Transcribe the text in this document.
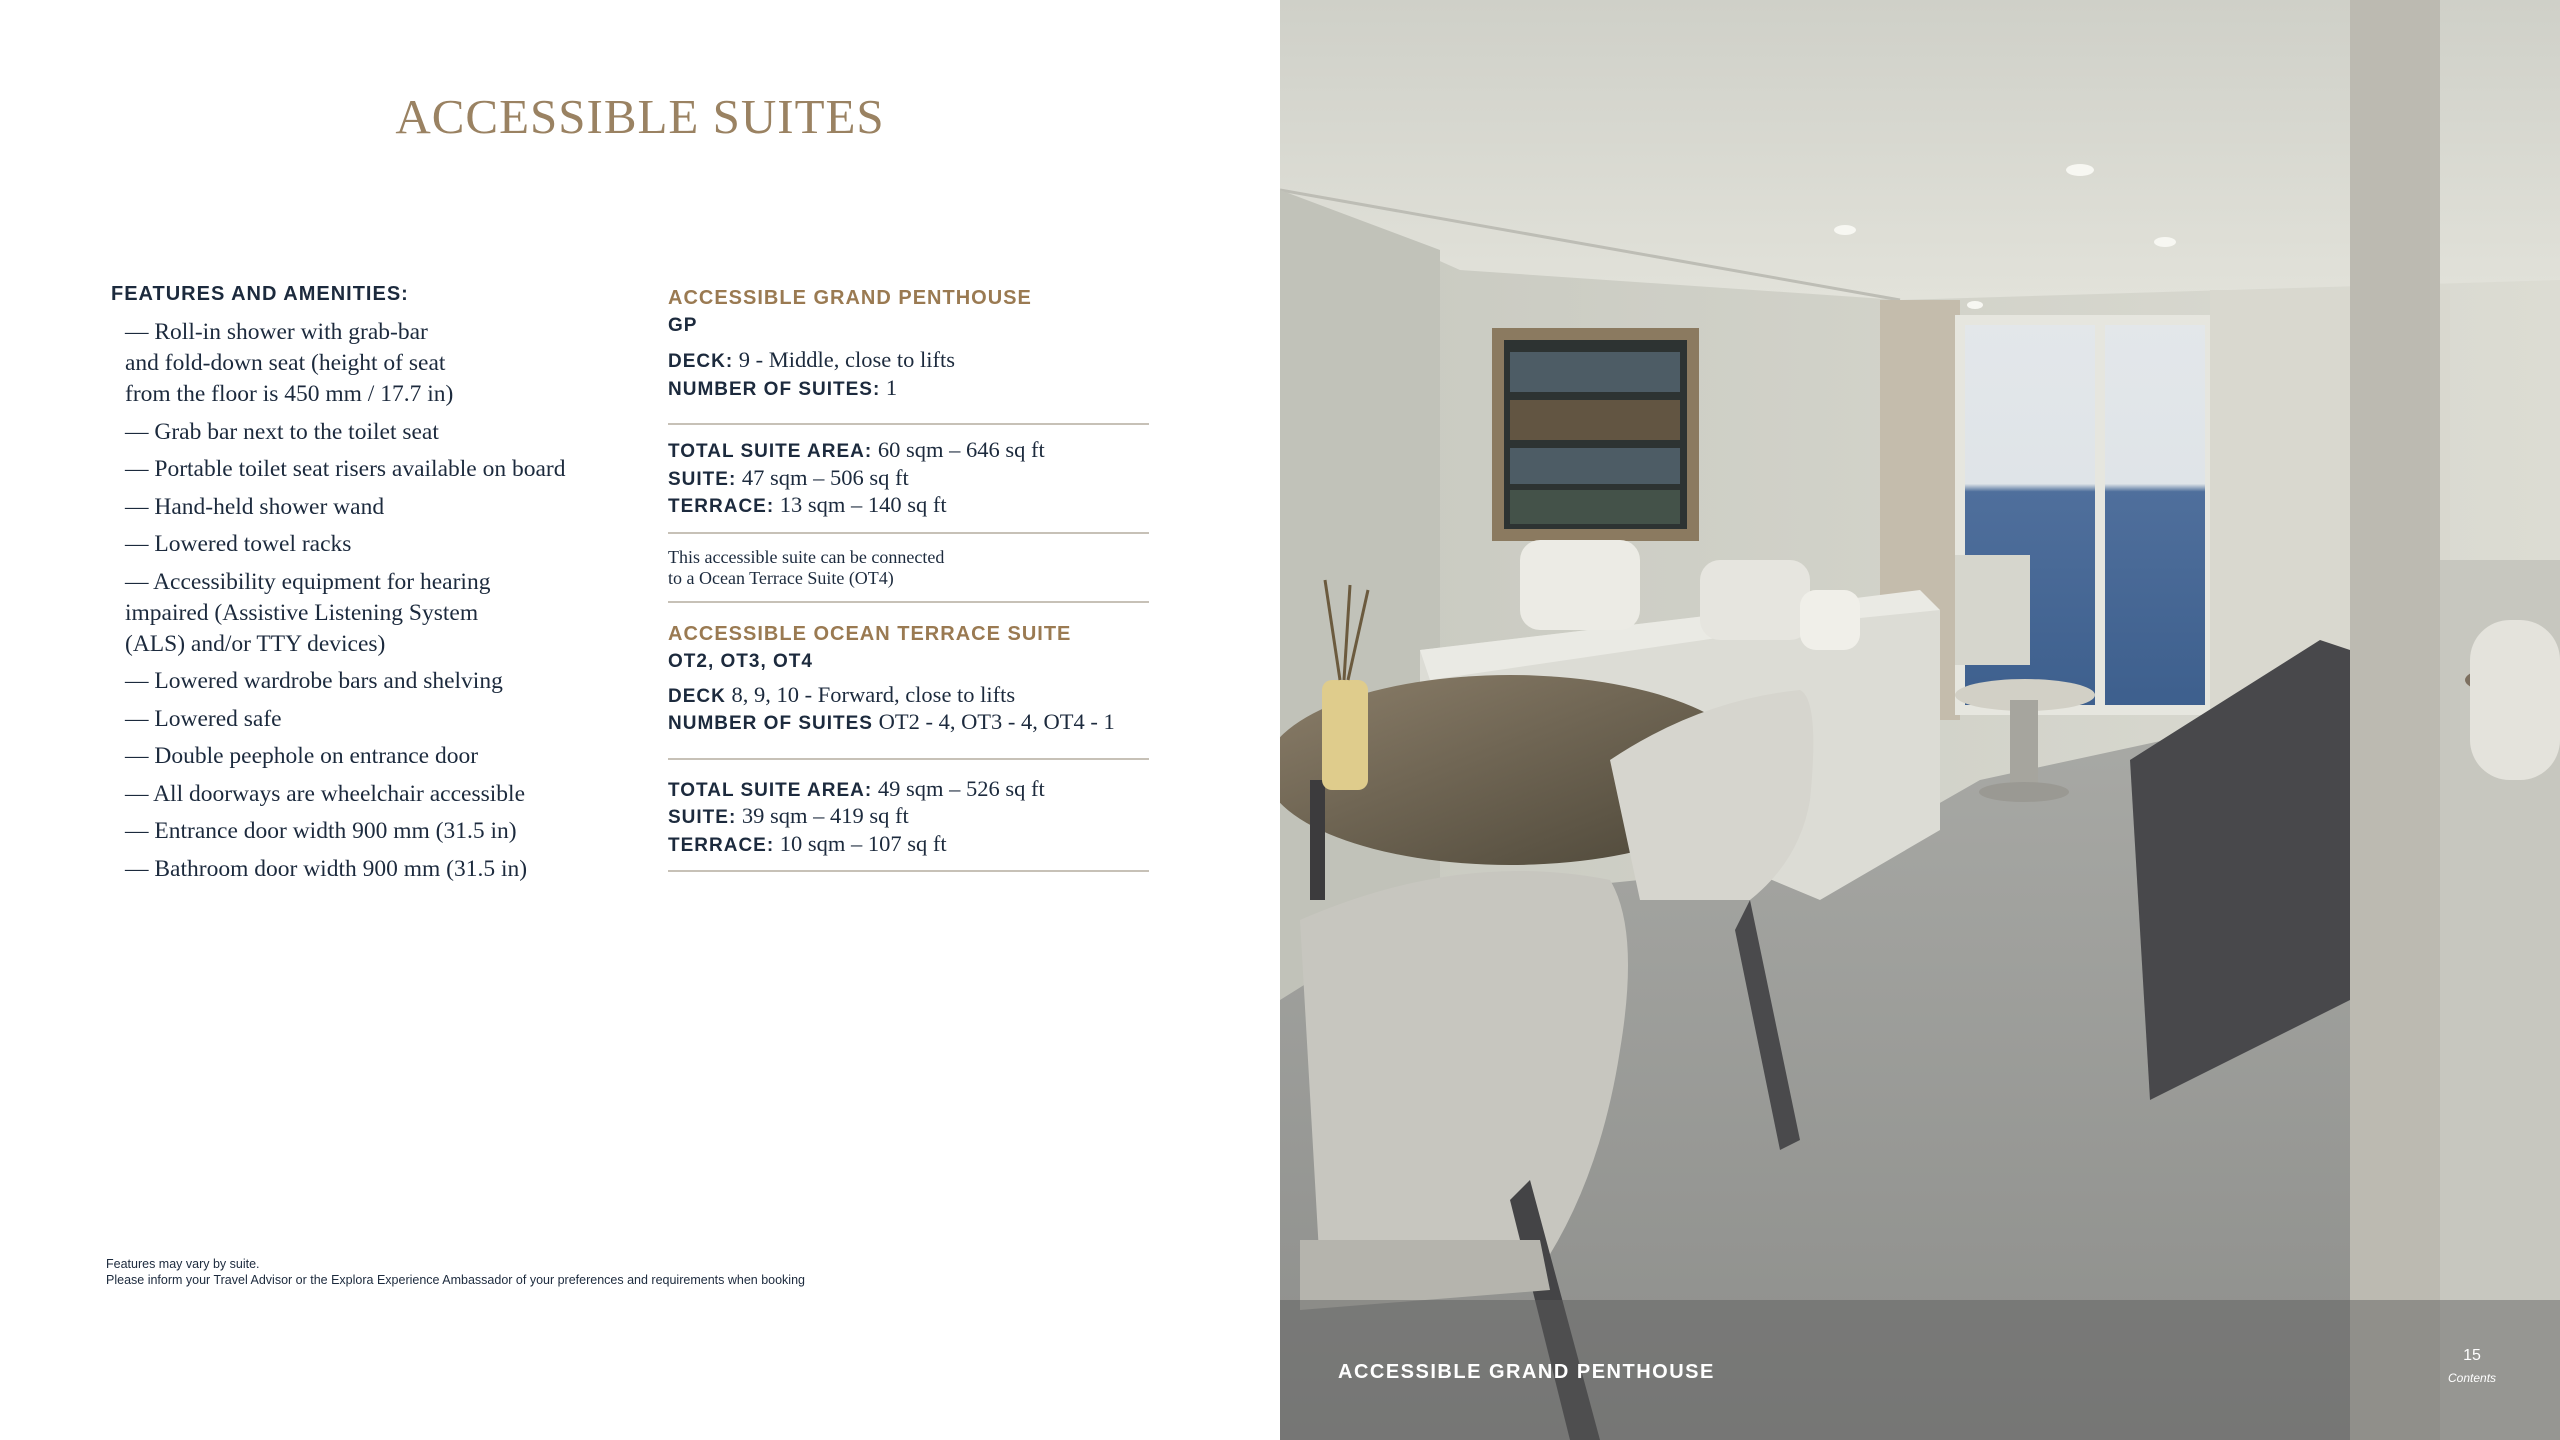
ACCESSIBLE SUITES
FEATURES AND AMENITIES:
— Roll-in shower with grab-bar
and fold-down seat (height of seat
from the floor is 450 mm / 17.7 in)
— Grab bar next to the toilet seat
— Portable toilet seat risers available on board
— Hand-held shower wand
— Lowered towel racks
— Accessibility equipment for hearing
impaired (Assistive Listening System
(ALS) and/or TTY devices)
— Lowered wardrobe bars and shelving
— Lowered safe
— Double peephole on entrance door
— All doorways are wheelchair accessible
— Entrance door width 900 mm (31.5 in)
— Bathroom door width 900 mm (31.5 in)
ACCESSIBLE GRAND PENTHOUSE
GP
DECK: 9 - Middle, close to lifts
NUMBER OF SUITES: 1
TOTAL SUITE AREA: 60 sqm – 646 sq ft
SUITE: 47 sqm – 506 sq ft
TERRACE: 13 sqm – 140 sq ft
This accessible suite can be connected
to a Ocean Terrace Suite (OT4)
ACCESSIBLE OCEAN TERRACE SUITE
OT2, OT3, OT4
DECK 8, 9, 10 - Forward, close to lifts
NUMBER OF SUITES OT2 - 4, OT3 - 4, OT4 - 1
TOTAL SUITE AREA: 49 sqm – 526 sq ft
SUITE: 39 sqm – 419 sq ft
TERRACE: 10 sqm – 107 sq ft
Features may vary by suite.
Please inform your Travel Advisor or the Explora Experience Ambassador of your preferences and requirements when booking
ACCESSIBLE GRAND PENTHOUSE
15
Contents
